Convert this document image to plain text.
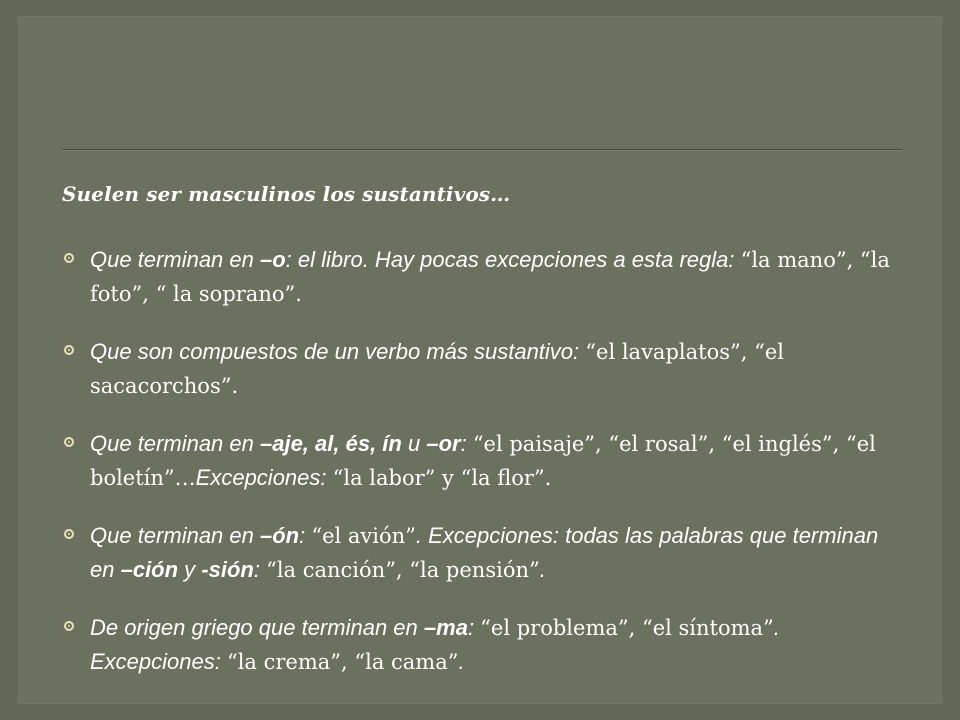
Suelen ser masculinos los sustantivos…
Que terminan en –o: el libro. Hay pocas excepciones a esta regla: “la mano”, “la foto”, “ la soprano”.
Que son compuestos de un verbo más sustantivo: “el lavaplatos”, “el sacacorchos”.
Que terminan en –aje, al, és, ín u –or: “el paisaje”, “el rosal”, “el inglés”, “el boletín”…Excepciones: “la labor” y “la flor”.
Que terminan en –ón: “el avión”. Excepciones: todas las palabras que terminan en –ción y -sión: “la canción”, “la pensión”.
De origen griego que terminan en –ma: “el problema”, “el síntoma”. Excepciones: “la crema”, “la cama”.
